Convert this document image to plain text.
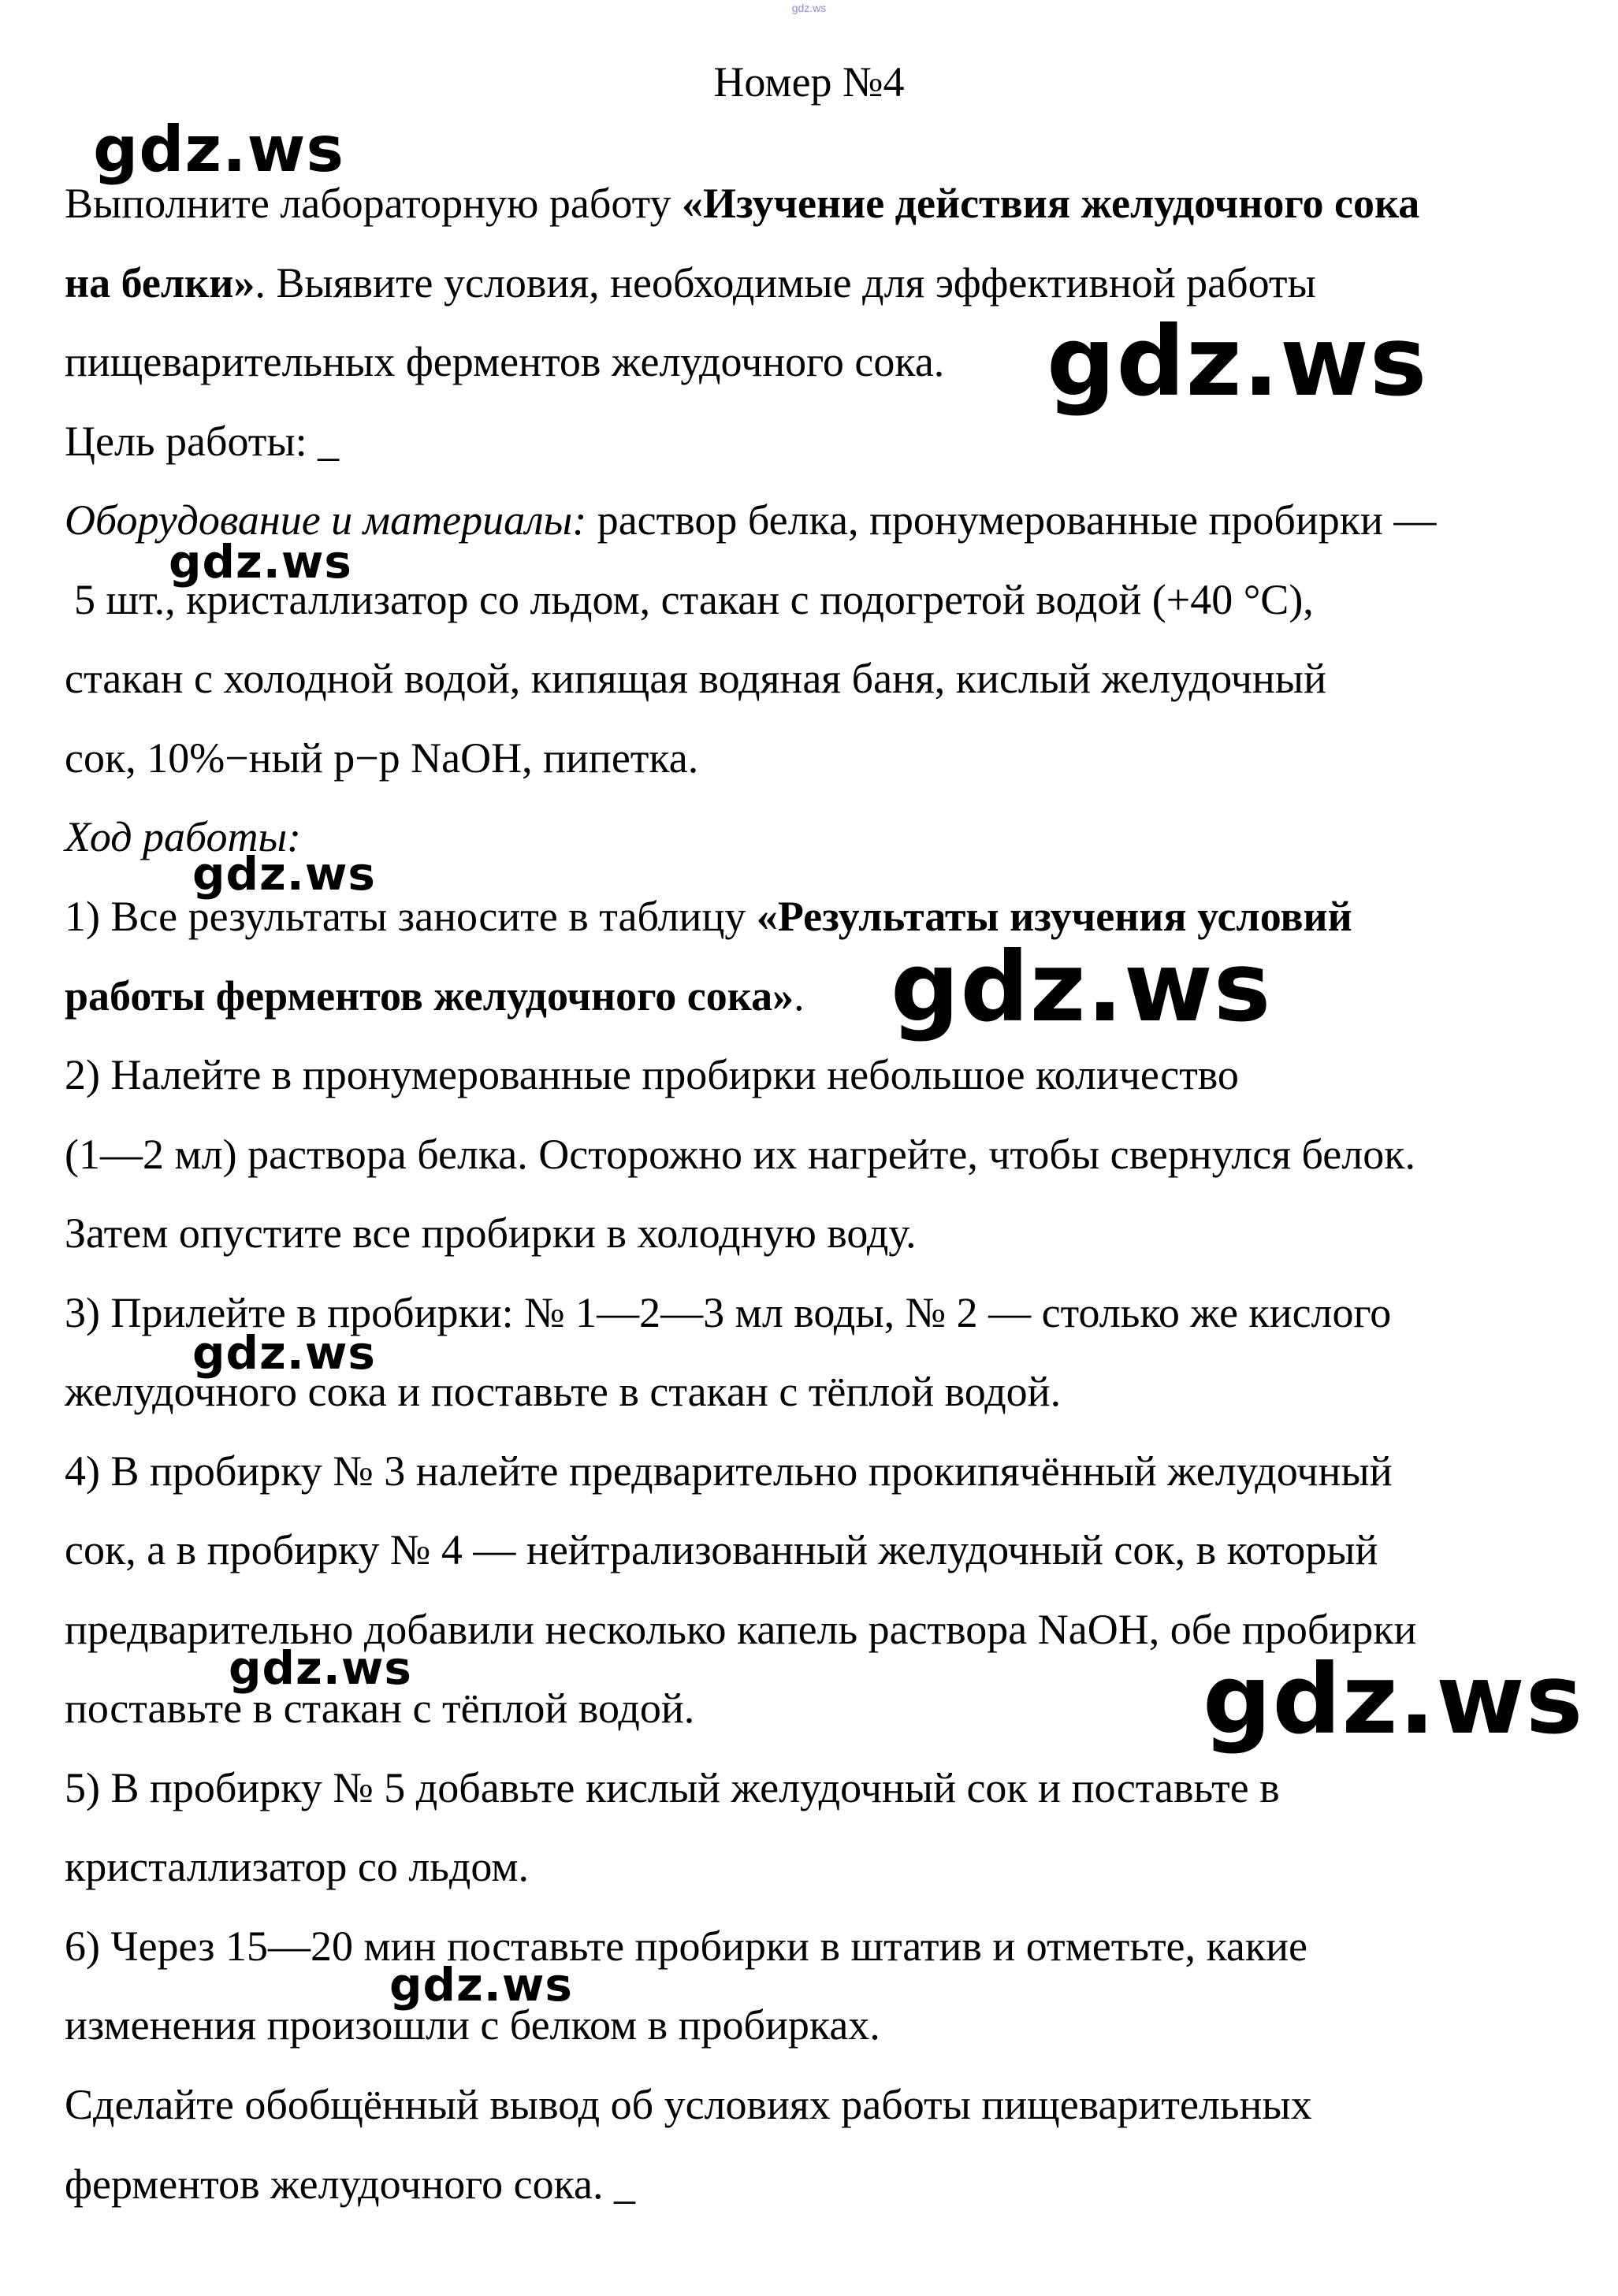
gdz.ws
Номер №4
Выполните лабораторную работу «Изучение действия желудочного сока
на белки». Выявите условия, необходимые для эффективной работы
пищеварительных ферментов желудочного сока.
Цель работы: _
Оборудование и материалы: раствор белка, пронумерованные пробирки —
5 шт., кристаллизатор со льдом, стакан с подогретой водой (+40 °C),
стакан с холодной водой, кипящая водяная баня, кислый желудочный
сок, 10%−ный р−р NaOH, пипетка.
Ход работы:
1) Все результаты заносите в таблицу «Результаты изучения условий
работы ферментов желудочного сока».
2) Налейте в пронумерованные пробирки небольшое количество
(1—2 мл) раствора белка. Осторожно их нагрейте, чтобы свернулся белок.
Затем опустите все пробирки в холодную воду.
3) Прилейте в пробирки: № 1—2—3 мл воды, № 2 — столько же кислого
желудочного сока и поставьте в стакан с тёплой водой.
4) В пробирку № 3 налейте предварительно прокипячённый желудочный
сок, а в пробирку № 4 — нейтрализованный желудочный сок, в который
предварительно добавили несколько капель раствора NaOH, обе пробирки
поставьте в стакан с тёплой водой.
5) В пробирку № 5 добавьте кислый желудочный сок и поставьте в
кристаллизатор со льдом.
6) Через 15—20 мин поставьте пробирки в штатив и отметьте, какие
изменения произошли с белком в пробирках.
Сделайте обобщённый вывод об условиях работы пищеварительных
ферментов желудочного сока. _
gdz.ws
gdz.ws
gdz.ws
gdz.ws
gdz.ws
gdz.ws
gdz.ws	gdz.ws
gdz.ws
